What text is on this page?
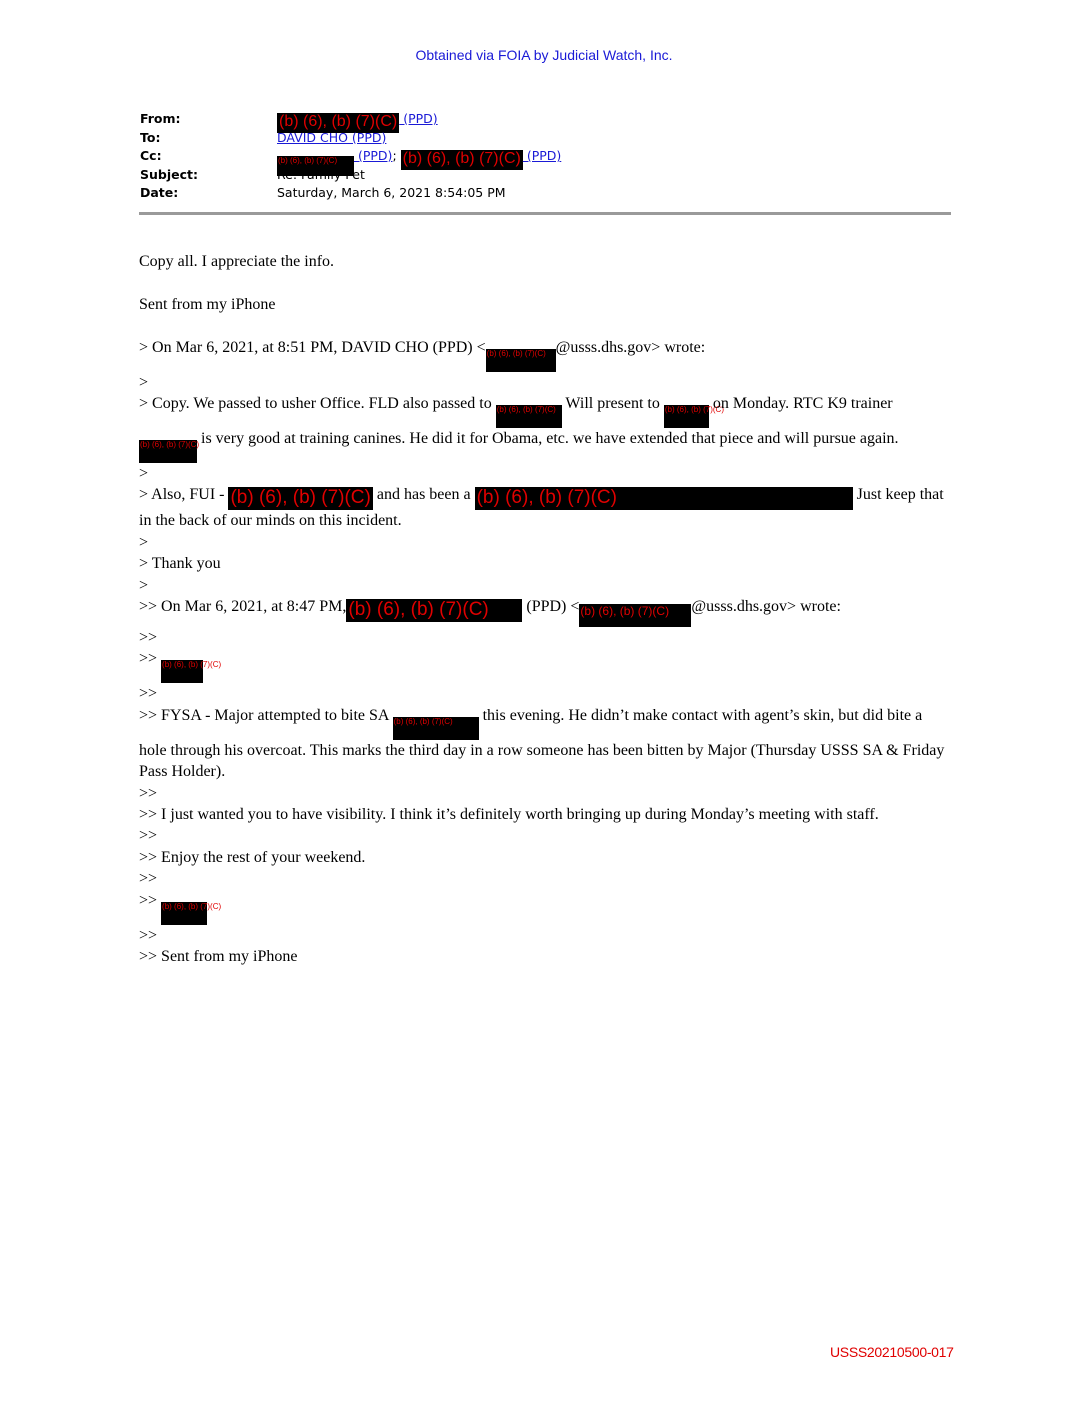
Obtained via FOIA by Judicial Watch, Inc.
From:	(b) (6), (b) (7)(C) (PPD)
To:	DAVID CHO (PPD)
Cc:	(b) (6), (b) (7)(C) (PPD); (b) (6), (b) (7)(C) (PPD)
Subject:	Re: Family Pet
Date:	Saturday, March 6, 2021 8:54:05 PM

Copy all. I appreciate the info.

Sent from my iPhone

> On Mar 6, 2021, at 8:51 PM, DAVID CHO (PPD) <(b) (6), (b) (7)(C) @usss.dhs.gov> wrote:

>

> Copy. We passed to usher Office. FLD also passed to (b) (6), (b) (7)(C) Will present to (b) (6), (b) (7)(C) on Monday. RTC K9 trainer (b) (6), (b) (7)(C) is very good at training canines. He did it for Obama, etc. we have extended that piece and will pursue again.

>

> Also, FUI - (b) (6), (b) (7)(C) and has been a (b) (6), (b) (7)(C)	Just keep that in the back of our minds on this incident.

>

> Thank you

>

>> On Mar 6, 2021, at 8:47 PM, (b) (6), (b) (7)(C) (PPD) <(b) (6), (b) (7)(C) @usss.dhs.gov> wrote:

>>

>> (b) (6), (b) (7)(C)

>>

>> FYSA - Major attempted to bite SA (b) (6), (b) (7)(C) this evening. He didn’t make contact with agent’s skin, but did bite a hole through his overcoat. This marks the third day in a row someone has been bitten by Major (Thursday USSS SA & Friday Pass Holder).

>>

>> I just wanted you to have visibility. I think it’s definitely worth bringing up during Monday’s meeting with staff.

>>

>> Enjoy the rest of your weekend.

>>

>> (b) (6), (b) (7)(C)

>>

>> Sent from my iPhone

USSS20210500-017
